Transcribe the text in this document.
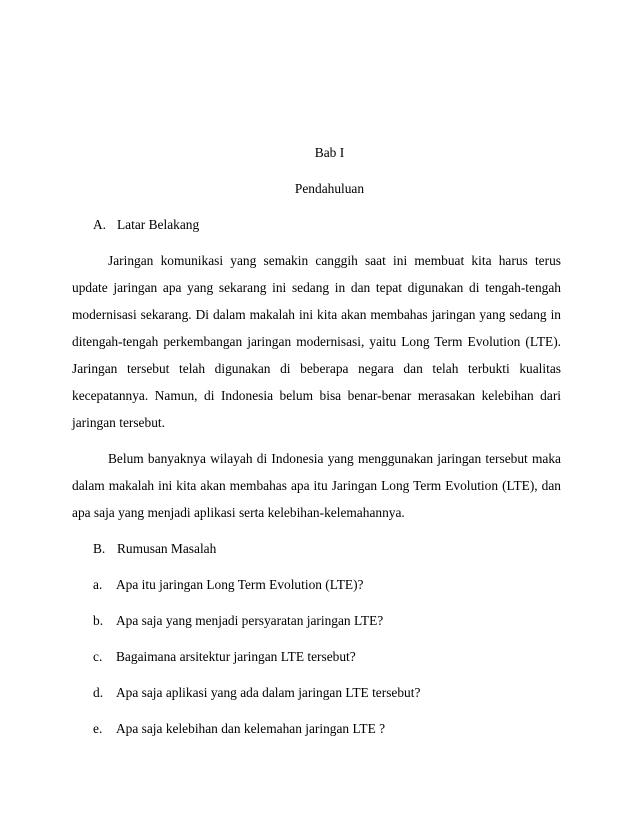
Bab I
Pendahuluan
A. Latar Belakang

Jaringan komunikasi yang semakin canggih saat ini membuat kita harus terus update jaringan apa yang sekarang ini sedang in dan tepat digunakan di tengah-tengah modernisasi sekarang. Di dalam makalah ini kita akan membahas jaringan yang sedang in ditengah-tengah perkembangan jaringan modernisasi, yaitu Long Term Evolution (LTE). Jaringan tersebut telah digunakan di beberapa negara dan telah terbukti kualitas kecepatannya. Namun, di Indonesia belum bisa benar-benar merasakan kelebihan dari jaringan tersebut.

Belum banyaknya wilayah di Indonesia yang menggunakan jaringan tersebut maka dalam makalah ini kita akan membahas apa itu Jaringan Long Term Evolution (LTE), dan apa saja yang menjadi aplikasi serta kelebihan-kelemahannya.

B. Rumusan Masalah
a. Apa itu jaringan Long Term Evolution (LTE)?
b. Apa saja yang menjadi persyaratan jaringan LTE?
c. Bagaimana arsitektur jaringan LTE tersebut?
d. Apa saja aplikasi yang ada dalam jaringan LTE tersebut?
e. Apa saja kelebihan dan kelemahan jaringan LTE ?
